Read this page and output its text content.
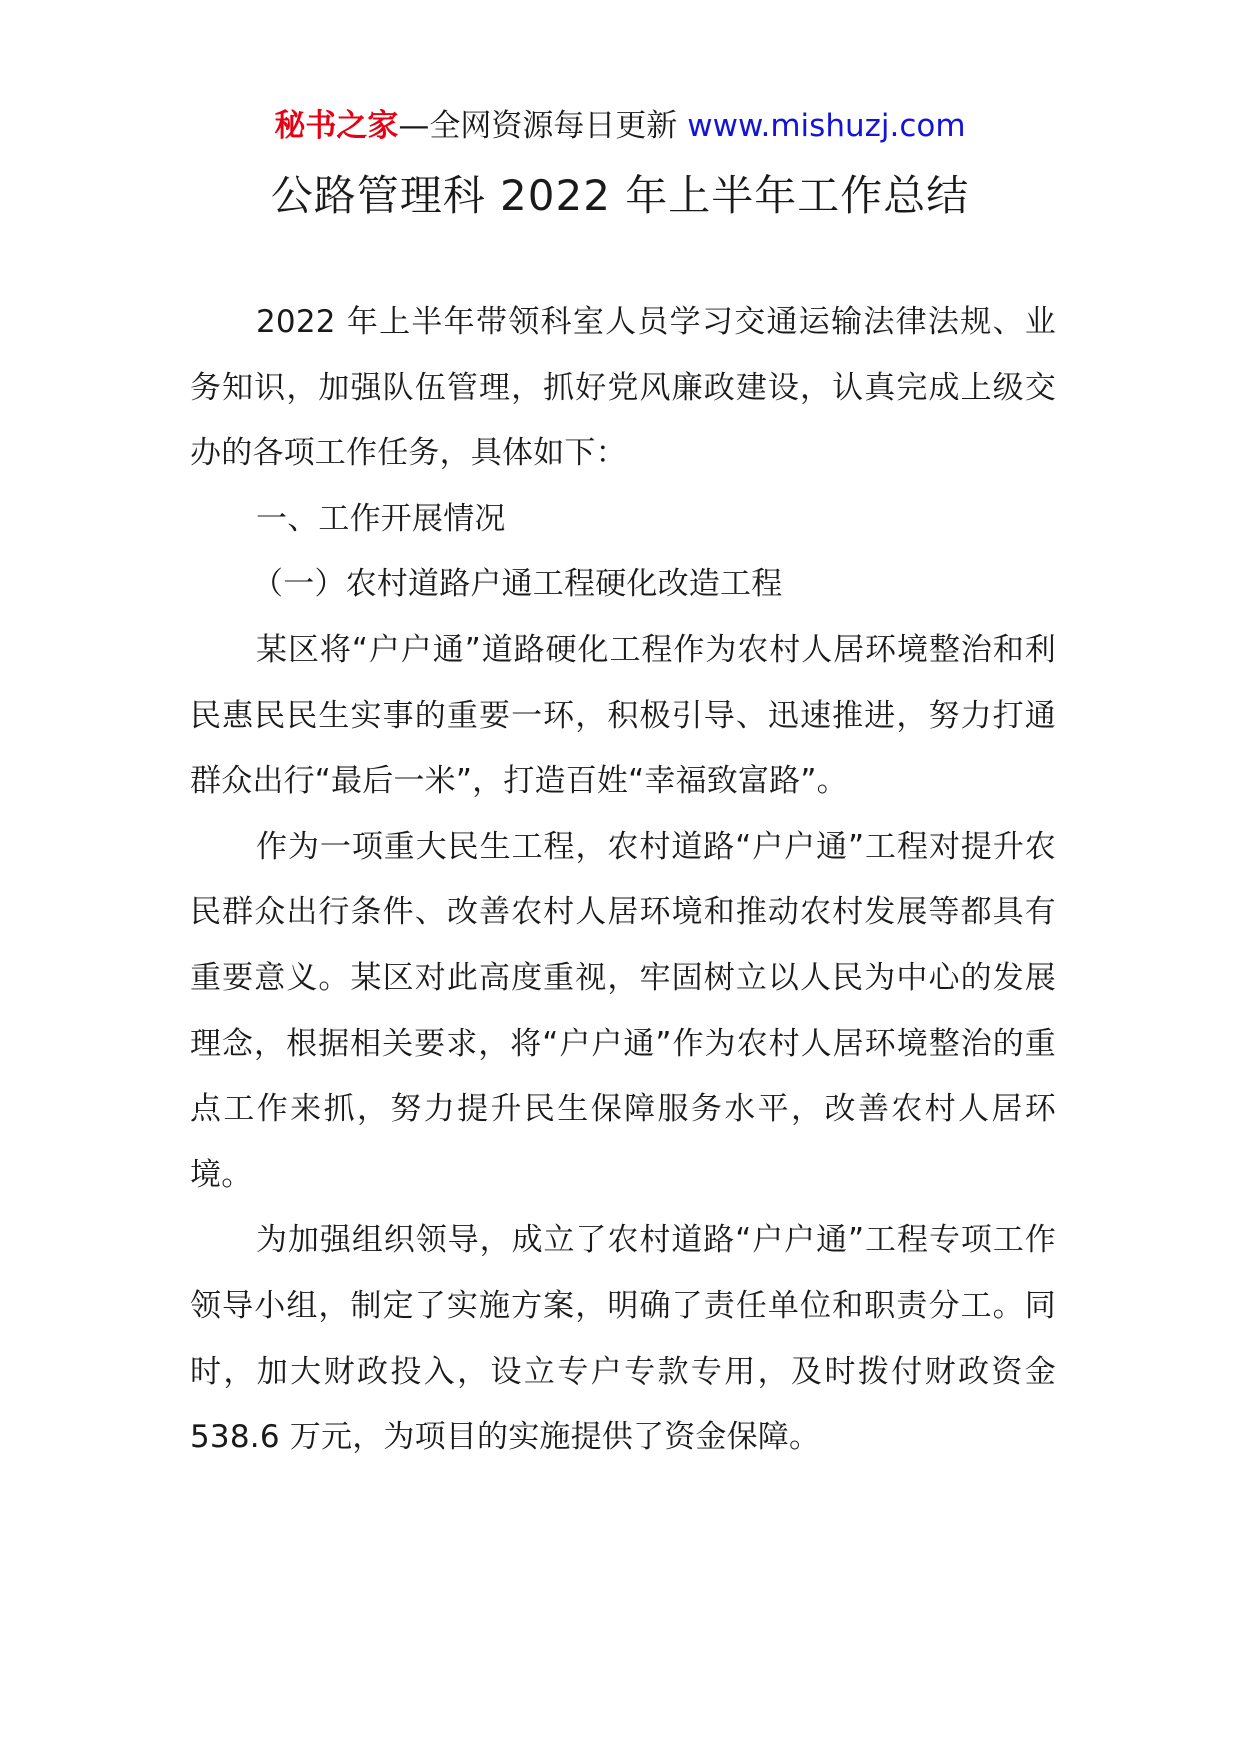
秘书之家—全网资源每日更新 www.mishuzj.com
公路管理科 2022 年上半年工作总结

2022 年上半年带领科室人员学习交通运输法律法规、业务知识，加强队伍管理，抓好党风廉政建设，认真完成上级交办的各项工作任务，具体如下：

一、工作开展情况

（一）农村道路户通工程硬化改造工程

某区将“户户通”道路硬化工程作为农村人居环境整治和利民惠民民生实事的重要一环，积极引导、迅速推进，努力打通群众出行“最后一米”，打造百姓“幸福致富路”。

作为一项重大民生工程，农村道路“户户通”工程对提升农民群众出行条件、改善农村人居环境和推动农村发展等都具有重要意义。某区对此高度重视，牢固树立以人民为中心的发展理念，根据相关要求，将“户户通”作为农村人居环境整治的重点工作来抓，努力提升民生保障服务水平，改善农村人居环境。

为加强组织领导，成立了农村道路“户户通”工程专项工作领导小组，制定了实施方案，明确了责任单位和职责分工。同时，加大财政投入，设立专户专款专用，及时拨付财政资金 538.6 万元，为项目的实施提供了资金保障。
